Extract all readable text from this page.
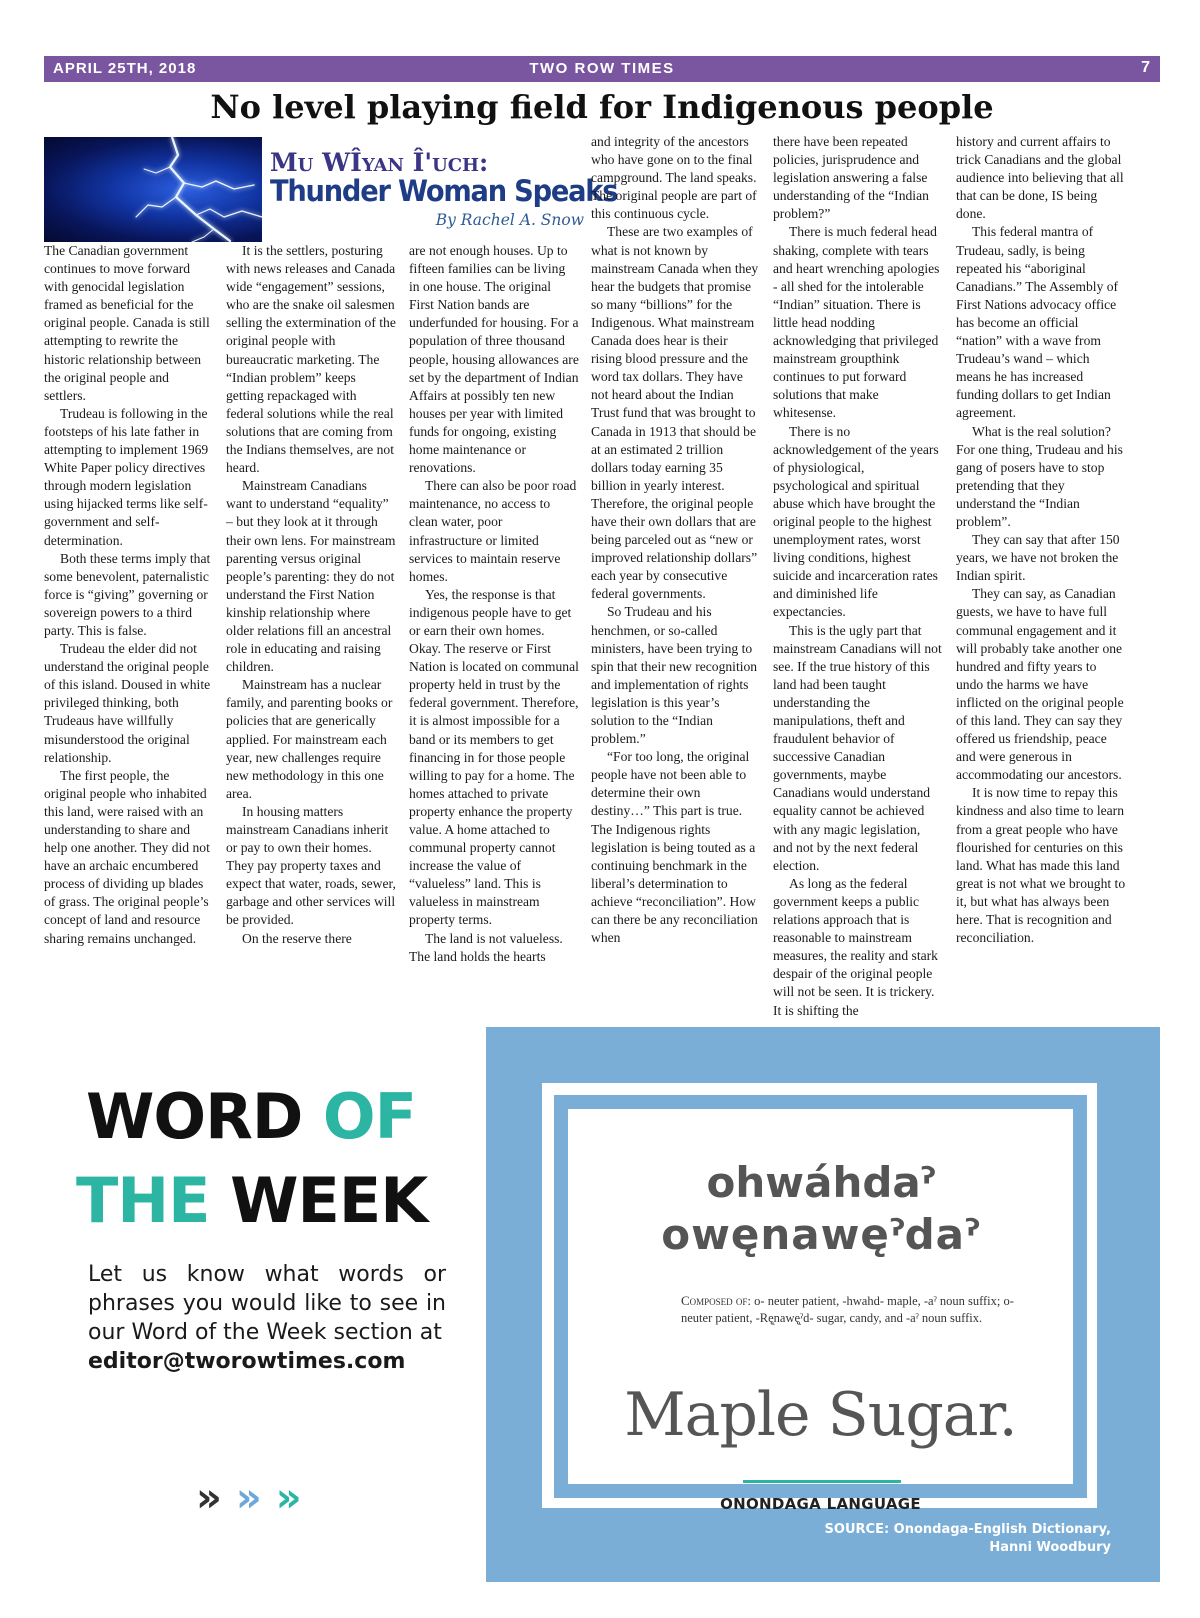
APRIL 25TH, 2018	TWO ROW TIMES	7
No level playing field for Indigenous people
Mu WÎyan Î'uch:
Thunder Woman Speaks
By Rachel A. Snow

The Canadian government continues to move forward with genocidal legislation framed as beneficial for the original people. Canada is still attempting to rewrite the historic relationship between the original people and settlers.

Trudeau is following in the footsteps of his late father in attempting to implement 1969 White Paper policy directives through modern legislation using hijacked terms like self-government and self-determination.

Both these terms imply that some benevolent, paternalistic force is “giving” governing or sovereign powers to a third party. This is false.

Trudeau the elder did not understand the original people of this island. Doused in white privileged thinking, both Trudeaus have willfully misunderstood the original relationship.

The first people, the original people who inhabited this land, were raised with an understanding to share and help one another. They did not have an archaic encumbered process of dividing up blades of grass. The original people’s concept of land and resource sharing remains unchanged.

It is the settlers, posturing with news releases and Canada wide “engagement” sessions, who are the snake oil salesmen selling the extermination of the original people with bureaucratic marketing. The “Indian problem” keeps getting repackaged with federal solutions while the real solutions that are coming from the Indians themselves, are not heard.

Mainstream Canadians want to understand “equality” – but they look at it through their own lens. For mainstream parenting versus original people’s parenting: they do not understand the First Nation kinship relationship where older relations fill an ancestral role in educating and raising children.

Mainstream has a nuclear family, and parenting books or policies that are generically applied. For mainstream each year, new challenges require new methodology in this one area.

In housing matters mainstream Canadians inherit or pay to own their homes. They pay property taxes and expect that water, roads, sewer, garbage and other services will be provided.

On the reserve there

are not enough houses. Up to fifteen families can be living in one house. The original First Nation bands are underfunded for housing. For a population of three thousand people, housing allowances are set by the department of Indian Affairs at possibly ten new houses per year with limited funds for ongoing, existing home maintenance or renovations.

There can also be poor road maintenance, no access to clean water, poor infrastructure or limited services to maintain reserve homes.

Yes, the response is that indigenous people have to get or earn their own homes. Okay. The reserve or First Nation is located on communal property held in trust by the federal government. Therefore, it is almost impossible for a band or its members to get financing in for those people willing to pay for a home. The homes attached to private property enhance the property value. A home attached to communal property cannot increase the value of “valueless” land. This is valueless in mainstream property terms.

The land is not valueless. The land holds the hearts

and integrity of the ancestors who have gone on to the final campground. The land speaks. The original people are part of this continuous cycle.

These are two examples of what is not known by mainstream Canada when they hear the budgets that promise so many “billions” for the Indigenous. What mainstream Canada does hear is their rising blood pressure and the word tax dollars. They have not heard about the Indian Trust fund that was brought to Canada in 1913 that should be at an estimated 2 trillion dollars today earning 35 billion in yearly interest. Therefore, the original people have their own dollars that are being parceled out as “new or improved relationship dollars” each year by consecutive federal governments.

So Trudeau and his henchmen, or so-called ministers, have been trying to spin that their new recognition and implementation of rights legislation is this year’s solution to the “Indian problem.”

“For too long, the original people have not been able to determine their own destiny…” This part is true. The Indigenous rights legislation is being touted as a continuing benchmark in the liberal’s determination to achieve “reconciliation”. How can there be any reconciliation when

there have been repeated policies, jurisprudence and legislation answering a false understanding of the “Indian problem?”

There is much federal head shaking, complete with tears and heart wrenching apologies - all shed for the intolerable “Indian” situation. There is little head nodding acknowledging that privileged mainstream groupthink continues to put forward solutions that make whitesense.

There is no acknowledgement of the years of physiological, psychological and spiritual abuse which have brought the original people to the highest unemployment rates, worst living conditions, highest suicide and incarceration rates and diminished life expectancies.

This is the ugly part that mainstream Canadians will not see. If the true history of this land had been taught understanding the manipulations, theft and fraudulent behavior of successive Canadian governments, maybe Canadians would understand equality cannot be achieved with any magic legislation, and not by the next federal election.

As long as the federal government keeps a public relations approach that is reasonable to mainstream measures, the reality and stark despair of the original people will not be seen. It is trickery. It is shifting the

history and current affairs to trick Canadians and the global audience into believing that all that can be done, IS being done.

This federal mantra of Trudeau, sadly, is being repeated his “aboriginal Canadians.” The Assembly of First Nations advocacy office has become an official “nation” with a wave from Trudeau’s wand – which means he has increased funding dollars to get Indian agreement.

What is the real solution? For one thing, Trudeau and his gang of posers have to stop pretending that they understand the “Indian problem”.

They can say that after 150 years, we have not broken the Indian spirit.

They can say, as Canadian guests, we have to have full communal engagement and it will probably take another one hundred and fifty years to undo the harms we have inflicted on the original people of this land. They can say they offered us friendship, peace and were generous in accommodating our ancestors.

It is now time to repay this kindness and also time to learn from a great people who have flourished for centuries on this land. What has made this land great is not what we brought to it, but what has always been here. That is recognition and reconciliation.

WORD OF
THE WEEK
Let us know what words or phrases you would like to see in our Word of the Week section at
editor@tworowtimes.com
»»»
ohwáhdaˀ
owę̨nawę̨ˀdaˀ
Composed of: o- neuter patient, -hwahd- maple, -aˀ noun suffix; o- neuter patient, -Rę̨nawę̨ˀd- sugar, candy, and -aˀ noun suffix.
Maple Sugar.
ONONDAGA LANGUAGE
SOURCE: Onondaga-English Dictionary,
Hanni Woodbury
